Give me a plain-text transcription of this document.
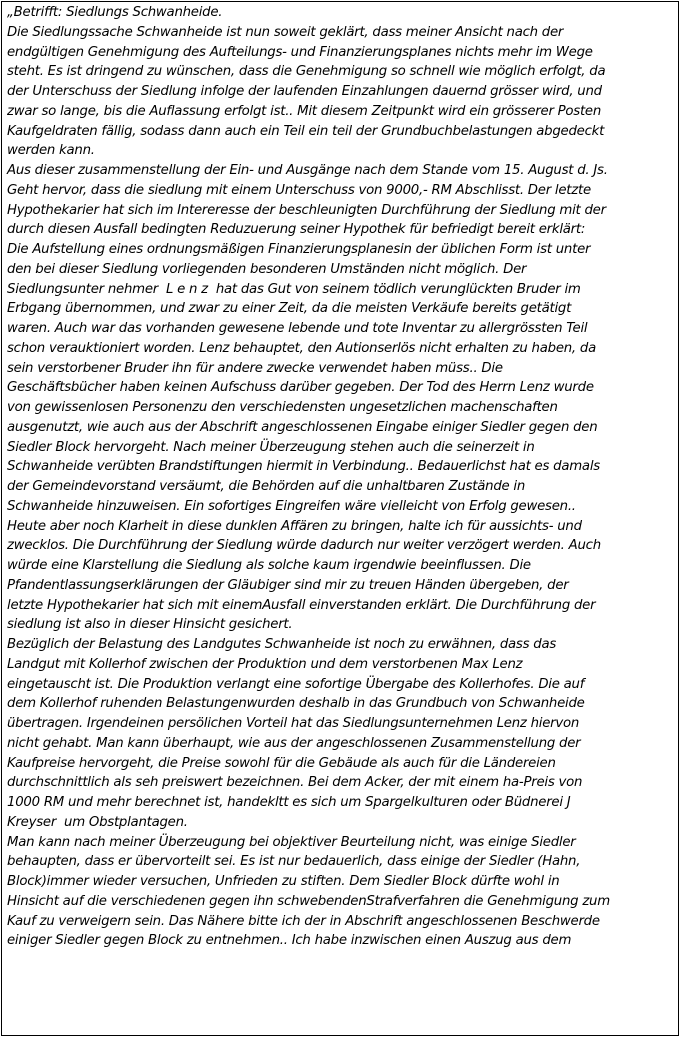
„Betrifft: Siedlungs Schwanheide.
Die Siedlungssache Schwanheide ist nun soweit geklärt, dass meiner Ansicht nach der
endgültigen Genehmigung des Aufteilungs- und Finanzierungsplanes nichts mehr im Wege
steht. Es ist dringend zu wünschen, dass die Genehmigung so schnell wie möglich erfolgt, da
der Unterschuss der Siedlung infolge der laufenden Einzahlungen dauernd grösser wird, und
zwar so lange, bis die Auflassung erfolgt ist.. Mit diesem Zeitpunkt wird ein grösserer Posten
Kaufgeldraten fällig, sodass dann auch ein Teil ein teil der Grundbuchbelastungen abgedeckt
werden kann.
Aus dieser zusammenstellung der Ein- und Ausgänge nach dem Stande vom 15. August d. Js.
Geht hervor, dass die siedlung mit einem Unterschuss von 9000,- RM Abschlisst. Der letzte
Hypothekarier hat sich im Intereresse der beschleunigten Durchführung der Siedlung mit der
durch diesen Ausfall bedingten Reduzuerung seiner Hypothek für befriedigt bereit erklärt:
Die Aufstellung eines ordnungsmäßigen Finanzierungsplanesin der üblichen Form ist unter
den bei dieser Siedlung vorliegenden besonderen Umständen nicht möglich. Der
Siedlungsunter nehmer  L e n z  hat das Gut von seinem tödlich verunglückten Bruder im
Erbgang übernommen, und zwar zu einer Zeit, da die meisten Verkäufe bereits getätigt
waren. Auch war das vorhanden gewesene lebende und tote Inventar zu allergrössten Teil
schon verauktioniert worden. Lenz behauptet, den Autionserlös nicht erhalten zu haben, da
sein verstorbener Bruder ihn für andere zwecke verwendet haben müss.. Die
Geschäftsbücher haben keinen Aufschuss darüber gegeben. Der Tod des Herrn Lenz wurde
von gewissenlosen Personenzu den verschiedensten ungesetzlichen machenschaften
ausgenutzt, wie auch aus der Abschrift angeschlossenen Eingabe einiger Siedler gegen den
Siedler Block hervorgeht. Nach meiner Überzeugung stehen auch die seinerzeit in
Schwanheide verübten Brandstiftungen hiermit in Verbindung.. Bedauerlichst hat es damals
der Gemeindevorstand versäumt, die Behörden auf die unhaltbaren Zustände in
Schwanheide hinzuweisen. Ein sofortiges Eingreifen wäre vielleicht von Erfolg gewesen..
Heute aber noch Klarheit in diese dunklen Affären zu bringen, halte ich für aussichts- und
zwecklos. Die Durchführung der Siedlung würde dadurch nur weiter verzögert werden. Auch
würde eine Klarstellung die Siedlung als solche kaum irgendwie beeinflussen. Die
Pfandentlassungserklärungen der Gläubiger sind mir zu treuen Händen übergeben, der
letzte Hypothekarier hat sich mit einemAusfall einverstanden erklärt. Die Durchführung der
siedlung ist also in dieser Hinsicht gesichert.
Bezüglich der Belastung des Landgutes Schwanheide ist noch zu erwähnen, dass das
Landgut mit Kollerhof zwischen der Produktion und dem verstorbenen Max Lenz
eingetauscht ist. Die Produktion verlangt eine sofortige Übergabe des Kollerhofes. Die auf
dem Kollerhof ruhenden Belastungenwurden deshalb in das Grundbuch von Schwanheide
übertragen. Irgendeinen persölichen Vorteil hat das Siedlungsunternehmen Lenz hiervon
nicht gehabt. Man kann überhaupt, wie aus der angeschlossenen Zusammenstellung der
Kaufpreise hervorgeht, die Preise sowohl für die Gebäude als auch für die Ländereien
durchschnittlich als seh preiswert bezeichnen. Bei dem Acker, der mit einem ha-Preis von
1000 RM und mehr berechnet ist, handekltt es sich um Spargelkulturen oder Büdnerei J
Kreyser  um Obstplantagen.
Man kann nach meiner Überzeugung bei objektiver Beurteilung nicht, was einige Siedler
behaupten, dass er übervorteilt sei. Es ist nur bedauerlich, dass einige der Siedler (Hahn,
Block)immer wieder versuchen, Unfrieden zu stiften. Dem Siedler Block dürfte wohl in
Hinsicht auf die verschiedenen gegen ihn schwebendenStrafverfahren die Genehmigung zum
Kauf zu verweigern sein. Das Nähere bitte ich der in Abschrift angeschlossenen Beschwerde
einiger Siedler gegen Block zu entnehmen.. Ich habe inzwischen einen Auszug aus dem
